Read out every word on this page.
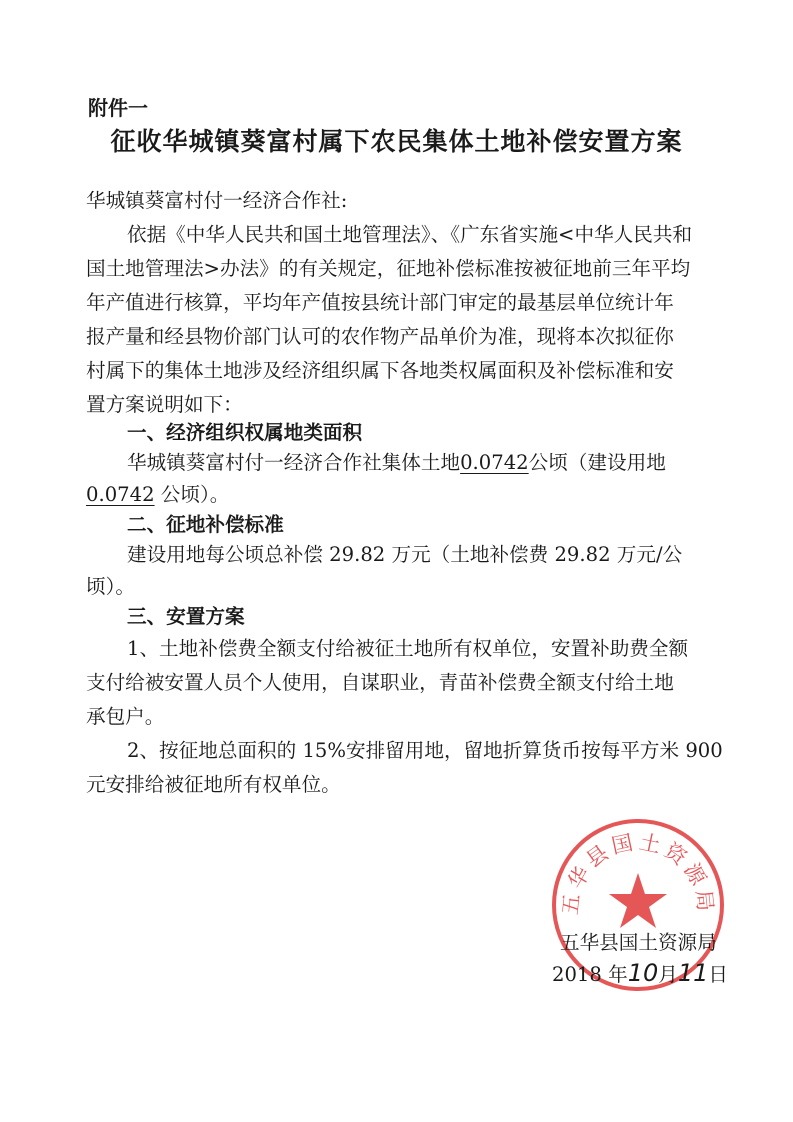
附件一
征收华城镇葵富村属下农民集体土地补偿安置方案
华城镇葵富村付一经济合作社:
依据《中华人民共和国土地管理法》、《广东省实施<中华人民共和
国土地管理法>办法》的有关规定，征地补偿标准按被征地前三年平均
年产值进行核算，平均年产值按县统计部门审定的最基层单位统计年
报产量和经县物价部门认可的农作物产品单价为准，现将本次拟征你
村属下的集体土地涉及经济组织属下各地类权属面积及补偿标准和安
置方案说明如下：
一、经济组织权属地类面积
华城镇葵富村付一经济合作社集体土地0.0742公顷（建设用地
0.0742 公顷）。
二、征地补偿标准
建设用地每公顷总补偿 29.82 万元（土地补偿费 29.82 万元/公
顷）。
三、安置方案
1、土地补偿费全额支付给被征土地所有权单位，安置补助费全额
支付给被安置人员个人使用，自谋职业，青苗补偿费全额支付给土地
承包户。
2、按征地总面积的 15%安排留用地，留地折算货币按每平方米 900
元安排给被征地所有权单位。
五华县国土资源局
五华县国土资源局
2018 年10月11日
